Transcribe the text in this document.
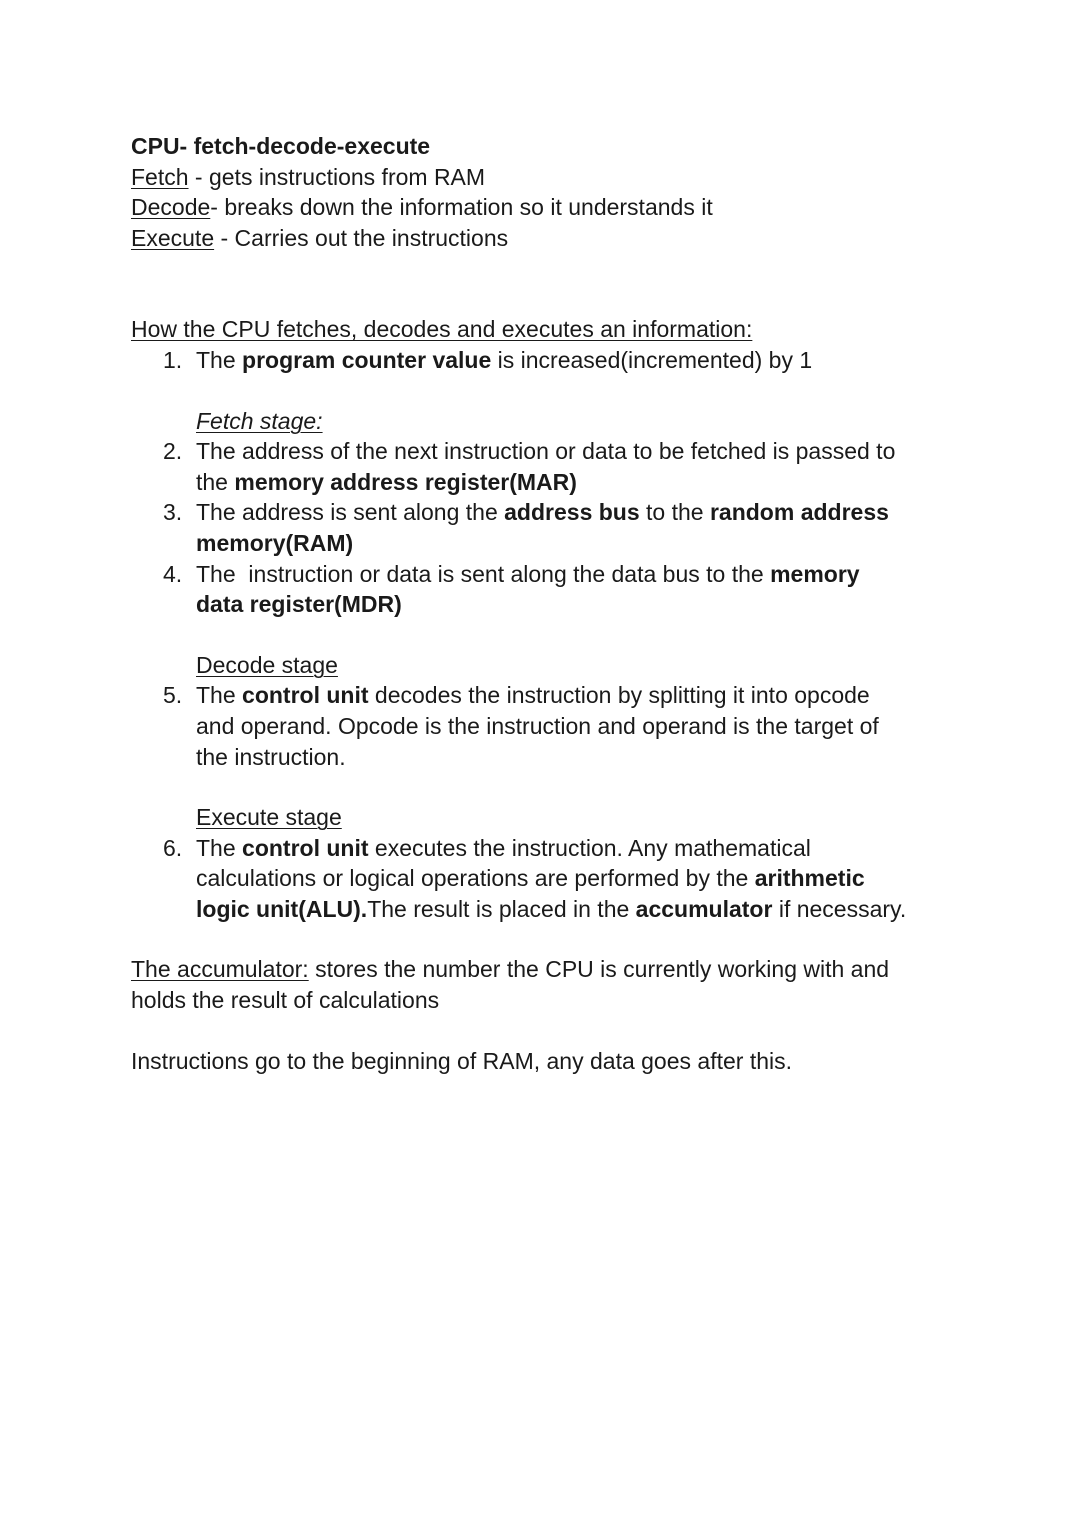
CPU- fetch-decode-execute
Fetch - gets instructions from RAM
Decode- breaks down the information so it understands it
Execute - Carries out the instructions
How the CPU fetches, decodes and executes an information:
1. The program counter value is increased(incremented) by 1
Fetch stage:
2. The address of the next instruction or data to be fetched is passed to
the memory address register(MAR)
3. The address is sent along the address bus to the random address
memory(RAM)
4. The  instruction or data is sent along the data bus to the memory
data register(MDR)
Decode stage
5. The control unit decodes the instruction by splitting it into opcode
and operand. Opcode is the instruction and operand is the target of
the instruction.
Execute stage
6. The control unit executes the instruction. Any mathematical
calculations or logical operations are performed by the arithmetic
logic unit(ALU).The result is placed in the accumulator if necessary.
The accumulator: stores the number the CPU is currently working with and
holds the result of calculations
Instructions go to the beginning of RAM, any data goes after this.
